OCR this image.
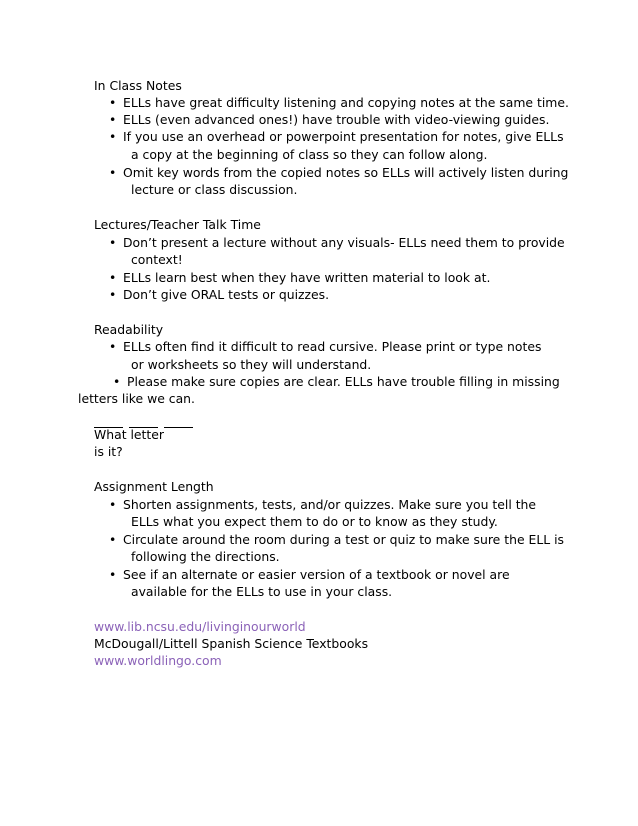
In Class Notes
• ELLs have great difficulty listening and copying notes at the same time.
• ELLs (even advanced ones!) have trouble with video-viewing guides.
• If you use an overhead or powerpoint presentation for notes, give ELLs
a copy at the beginning of class so they can follow along.
• Omit key words from the copied notes so ELLs will actively listen during
lecture or class discussion.
Lectures/Teacher Talk Time
• Don’t present a lecture without any visuals- ELLs need them to provide
context!
• ELLs learn best when they have written material to look at.
• Don’t give ORAL tests or quizzes.
Readability
• ELLs often find it difficult to read cursive. Please print or type notes
or worksheets so they will understand.
• Please make sure copies are clear. ELLs have trouble filling in missing
letters like we can.
What letter
is it?
Assignment Length
• Shorten assignments, tests, and/or quizzes. Make sure you tell the
ELLs what you expect them to do or to know as they study.
• Circulate around the room during a test or quiz to make sure the ELL is
following the directions.
• See if an alternate or easier version of a textbook or novel are
available for the ELLs to use in your class.
www.lib.ncsu.edu/livinginourworld
McDougall/Littell Spanish Science Textbooks
www.worldlingo.com
